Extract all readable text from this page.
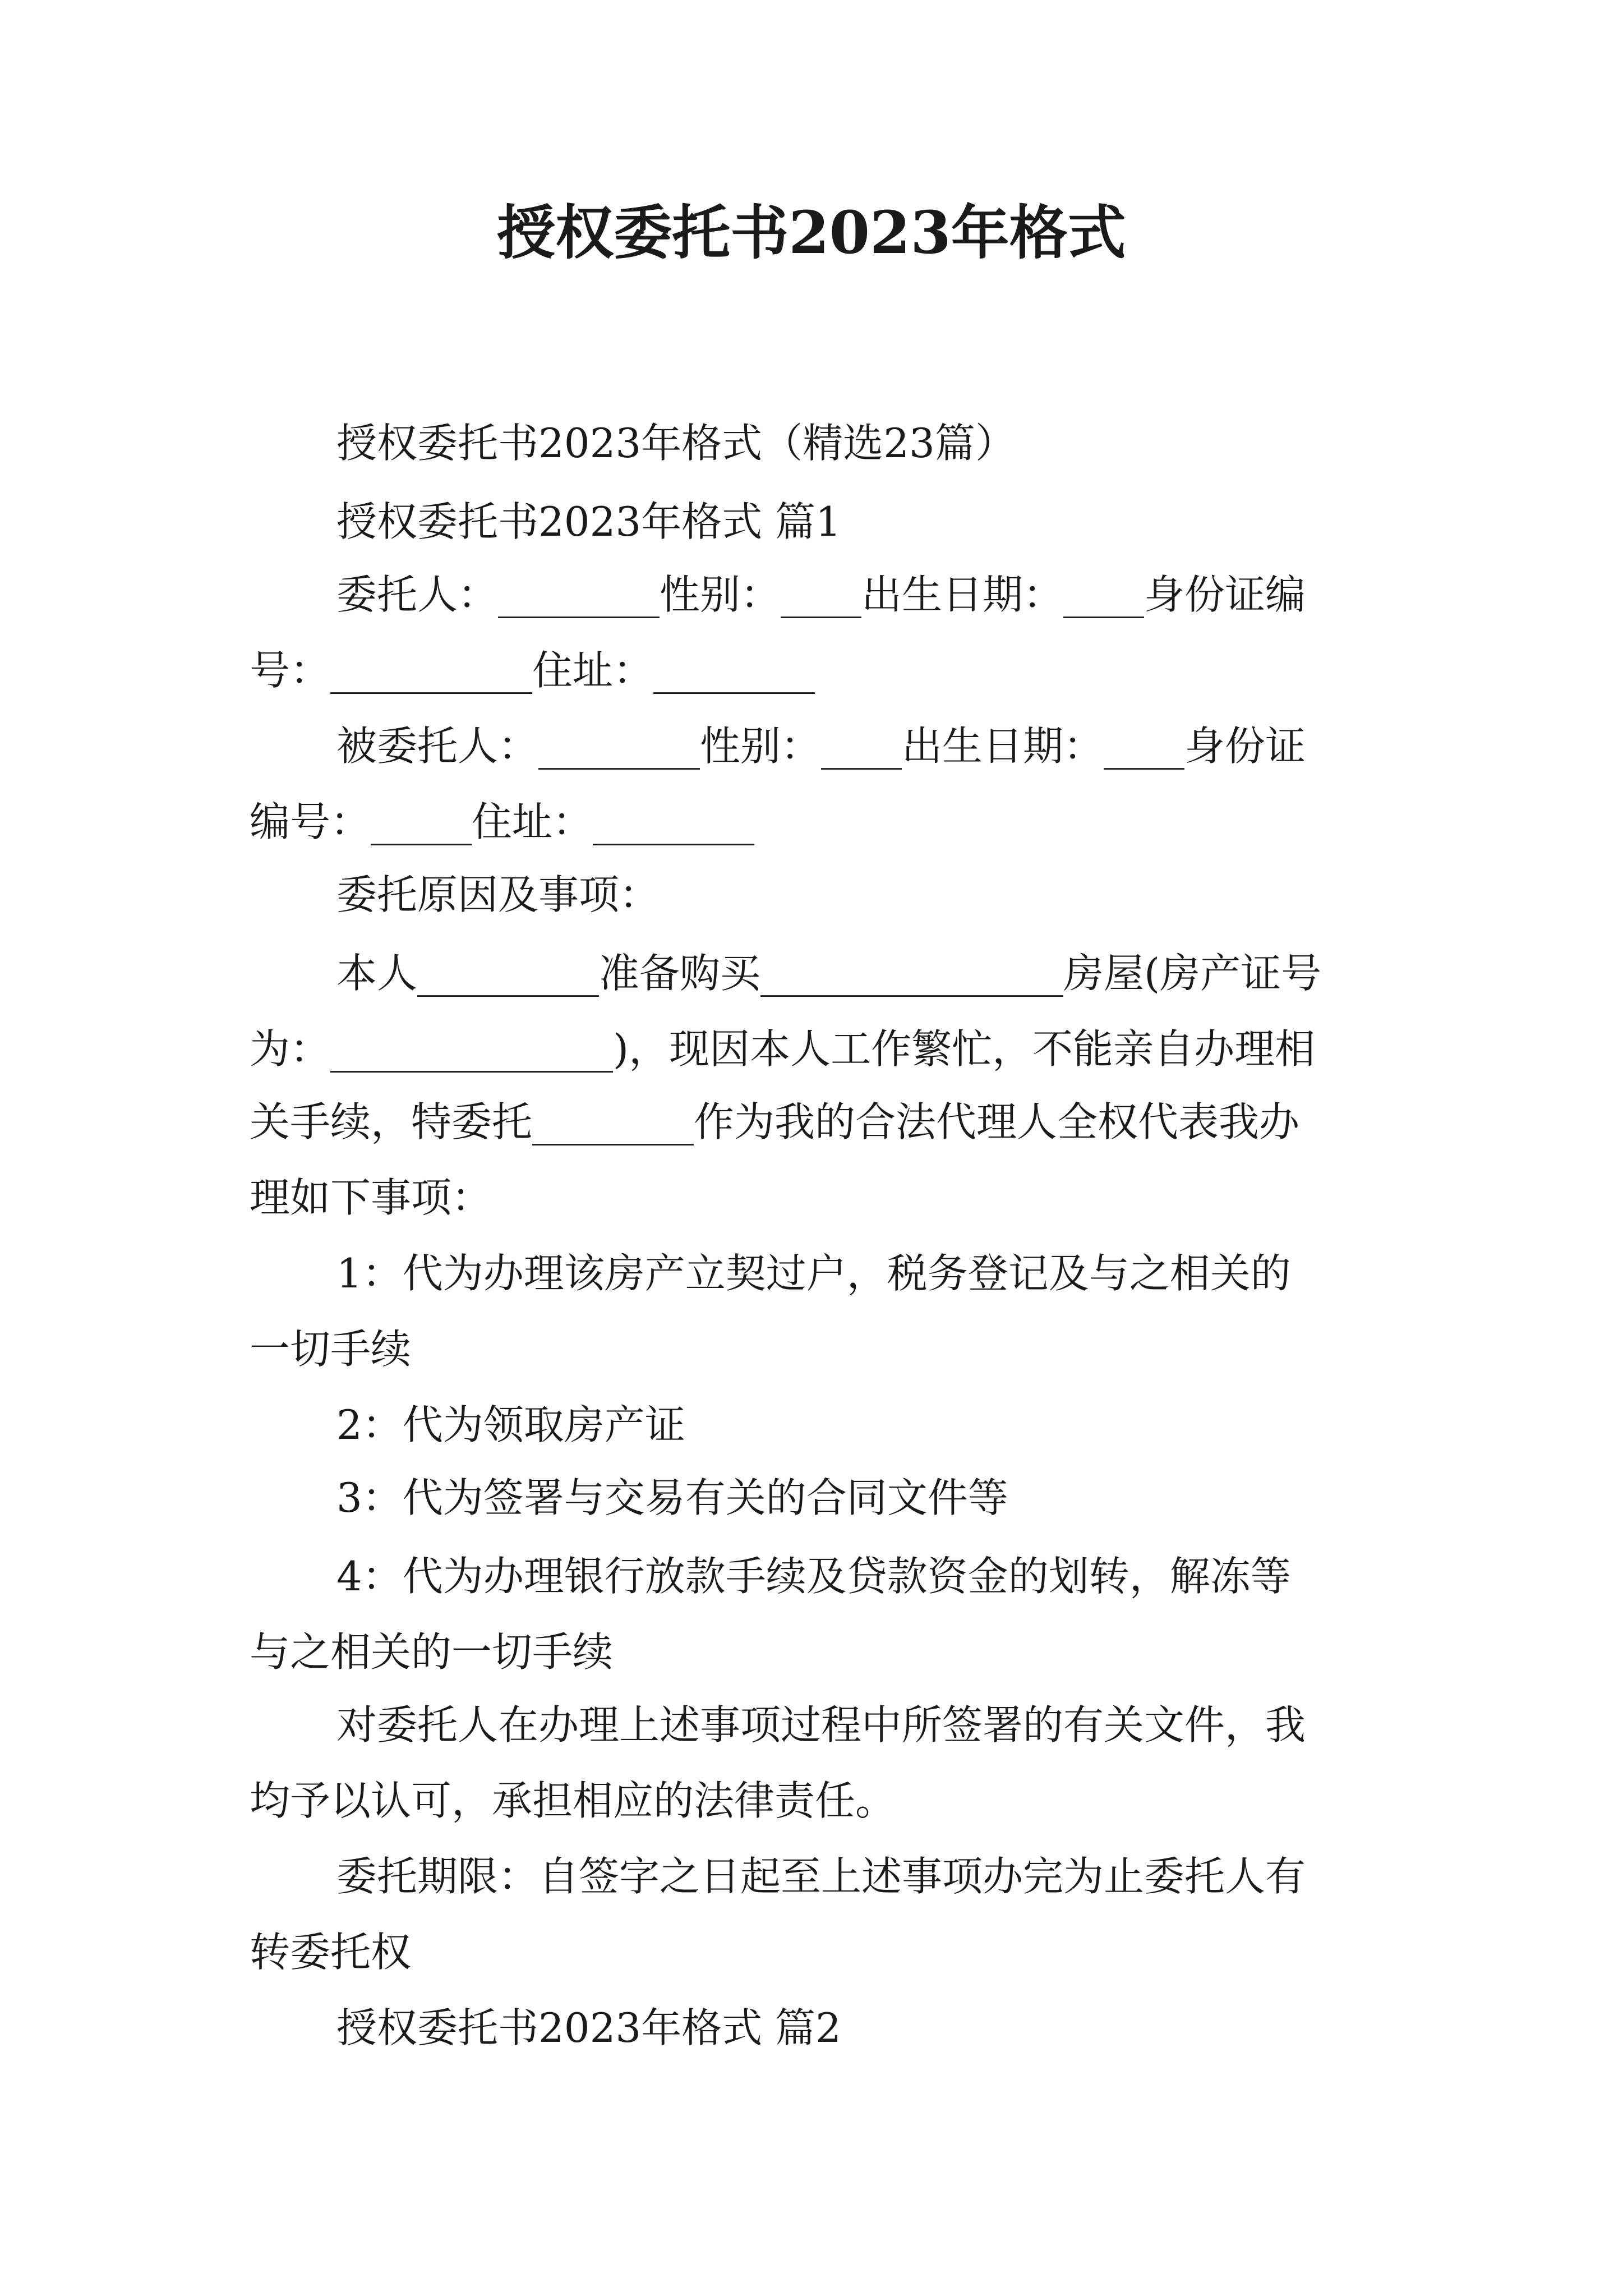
授权委托书2023年格式
授权委托书2023年格式（精选23篇）
授权委托书2023年格式 篇1
委托人：________性别：____出生日期：____身份证编
号：__________住址：________
被委托人：________性别：____出生日期：____身份证
编号：_____住址：________
委托原因及事项：
本人_________准备购买_______________房屋(房产证号
为：______________)，现因本人工作繁忙，不能亲自办理相
关手续，特委托________作为我的合法代理人全权代表我办
理如下事项：
1：代为办理该房产立契过户，税务登记及与之相关的
一切手续
2：代为领取房产证
3：代为签署与交易有关的合同文件等
4：代为办理银行放款手续及贷款资金的划转，解冻等
与之相关的一切手续
对委托人在办理上述事项过程中所签署的有关文件，我
均予以认可，承担相应的法律责任。
委托期限：自签字之日起至上述事项办完为止委托人有
转委托权
授权委托书2023年格式 篇2
